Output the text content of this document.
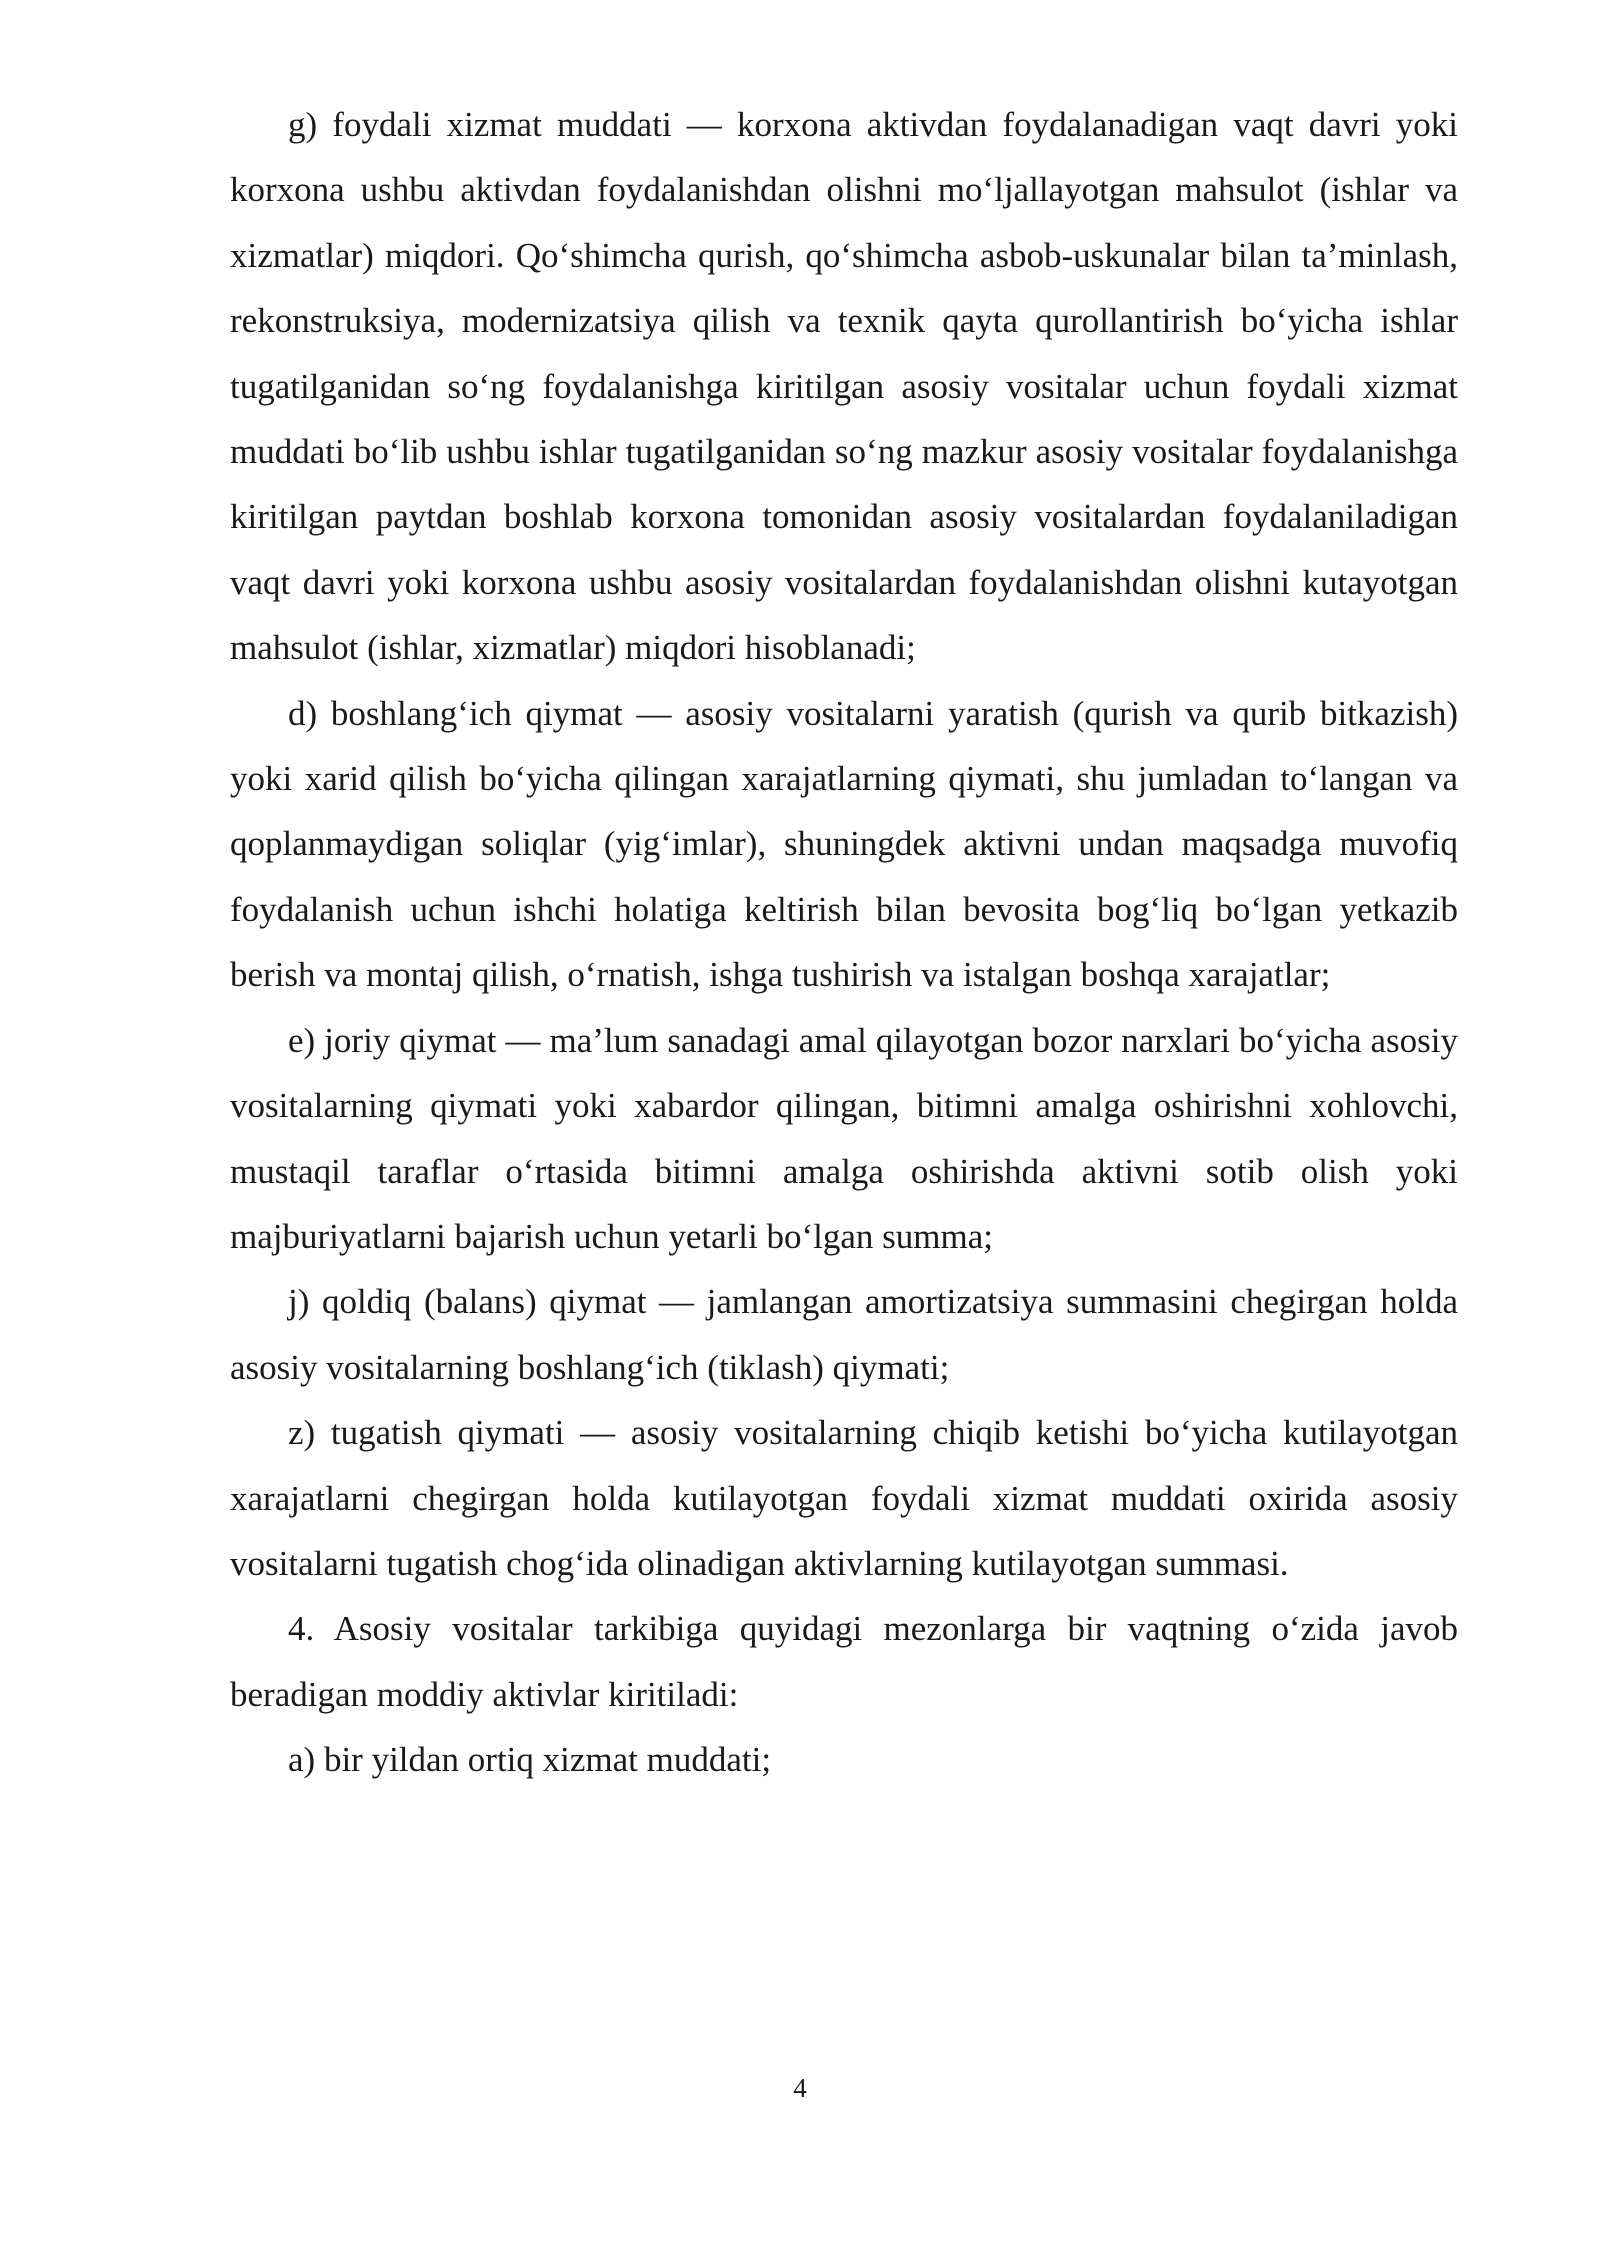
g) foydali xizmat muddati — korxona aktivdan foydalanadigan vaqt davri yoki korxona ushbu aktivdan foydalanishdan olishni mo‘ljallayotgan mahsulot (ishlar va xizmatlar) miqdori. Qo‘shimcha qurish, qo‘shimcha asbob-uskunalar bilan ta’minlash, rekonstruksiya, modernizatsiya qilish va texnik qayta qurollantirish bo‘yicha ishlar tugatilganidan so‘ng foydalanishga kiritilgan asosiy vositalar uchun foydali xizmat muddati bo‘lib ushbu ishlar tugatilganidan so‘ng mazkur asosiy vositalar foydalanishga kiritilgan paytdan boshlab korxona tomonidan asosiy vositalardan foydalaniladigan vaqt davri yoki korxona ushbu asosiy vositalardan foydalanishdan olishni kutayotgan mahsulot (ishlar, xizmatlar) miqdori hisoblanadi;

d) boshlang‘ich qiymat — asosiy vositalarni yaratish (qurish va qurib bitkazish) yoki xarid qilish bo‘yicha qilingan xarajatlarning qiymati, shu jumladan to‘langan va qoplanmaydigan soliqlar (yig‘imlar), shuningdek aktivni undan maqsadga muvofiq foydalanish uchun ishchi holatiga keltirish bilan bevosita bog‘liq bo‘lgan yetkazib berish va montaj qilish, o‘rnatish, ishga tushirish va istalgan boshqa xarajatlar;

e) joriy qiymat — ma’lum sanadagi amal qilayotgan bozor narxlari bo‘yicha asosiy vositalarning qiymati yoki xabardor qilingan, bitimni amalga oshirishni xohlovchi, mustaqil taraflar o‘rtasida bitimni amalga oshirishda aktivni sotib olish yoki majburiyatlarni bajarish uchun yetarli bo‘lgan summa;

j) qoldiq (balans) qiymat — jamlangan amortizatsiya summasini chegirgan holda asosiy vositalarning boshlang‘ich (tiklash) qiymati;

z) tugatish qiymati — asosiy vositalarning chiqib ketishi bo‘yicha kutilayotgan xarajatlarni chegirgan holda kutilayotgan foydali xizmat muddati oxirida asosiy vositalarni tugatish chog‘ida olinadigan aktivlarning kutilayotgan summasi.

4. Asosiy vositalar tarkibiga quyidagi mezonlarga bir vaqtning o‘zida javob beradigan moddiy aktivlar kiritiladi:

a) bir yildan ortiq xizmat muddati;

4
